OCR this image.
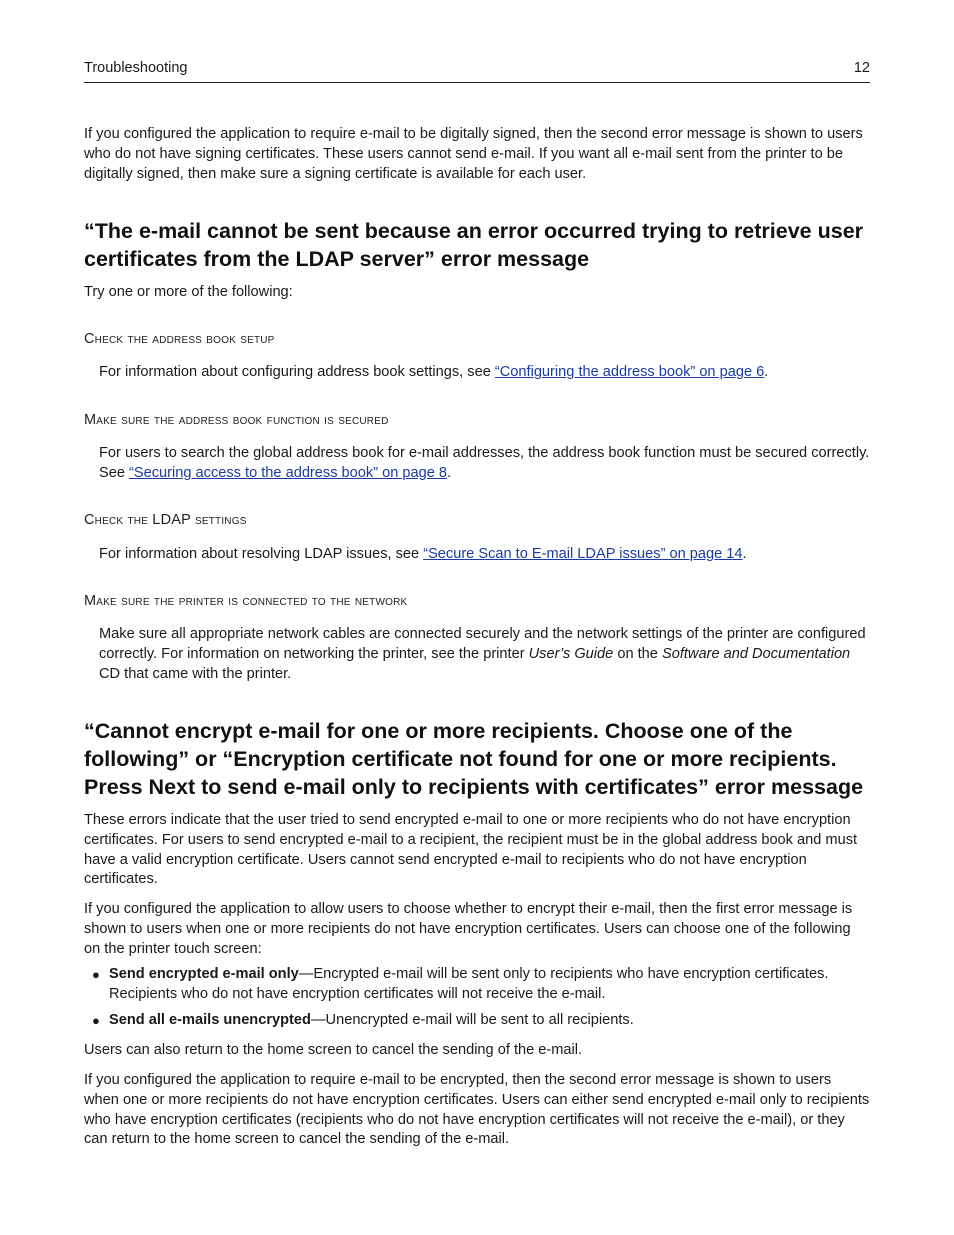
Troubleshooting	12

If you configured the application to require e-mail to be digitally signed, then the second error message is shown to users who do not have signing certificates. These users cannot send e-mail. If you want all e-mail sent from the printer to be digitally signed, then make sure a signing certificate is available for each user.

“The e-mail cannot be sent because an error occurred trying to retrieve user certificates from the LDAP server” error message

Try one or more of the following:

Check the address book setup

For information about configuring address book settings, see “Configuring the address book” on page 6.

Make sure the address book function is secured

For users to search the global address book for e-mail addresses, the address book function must be secured correctly. See “Securing access to the address book” on page 8.

Check the LDAP settings

For information about resolving LDAP issues, see “Secure Scan to E-mail LDAP issues” on page 14.

Make sure the printer is connected to the network

Make sure all appropriate network cables are connected securely and the network settings of the printer are configured correctly. For information on networking the printer, see the printer User’s Guide on the Software and Documentation CD that came with the printer.

“Cannot encrypt e-mail for one or more recipients. Choose one of the following” or “Encryption certificate not found for one or more recipients. Press Next to send e-mail only to recipients with certificates” error message

These errors indicate that the user tried to send encrypted e-mail to one or more recipients who do not have encryption certificates. For users to send encrypted e-mail to a recipient, the recipient must be in the global address book and must have a valid encryption certificate. Users cannot send encrypted e-mail to recipients who do not have encryption certificates.

If you configured the application to allow users to choose whether to encrypt their e-mail, then the first error message is shown to users when one or more recipients do not have encryption certificates. Users can choose one of the following on the printer touch screen:

● Send encrypted e-mail only—Encrypted e-mail will be sent only to recipients who have encryption certificates. Recipients who do not have encryption certificates will not receive the e-mail.
● Send all e-mails unencrypted—Unencrypted e-mail will be sent to all recipients.

Users can also return to the home screen to cancel the sending of the e-mail.

If you configured the application to require e-mail to be encrypted, then the second error message is shown to users when one or more recipients do not have encryption certificates. Users can either send encrypted e-mail only to recipients who have encryption certificates (recipients who do not have encryption certificates will not receive the e-mail), or they can return to the home screen to cancel the sending of the e-mail.
